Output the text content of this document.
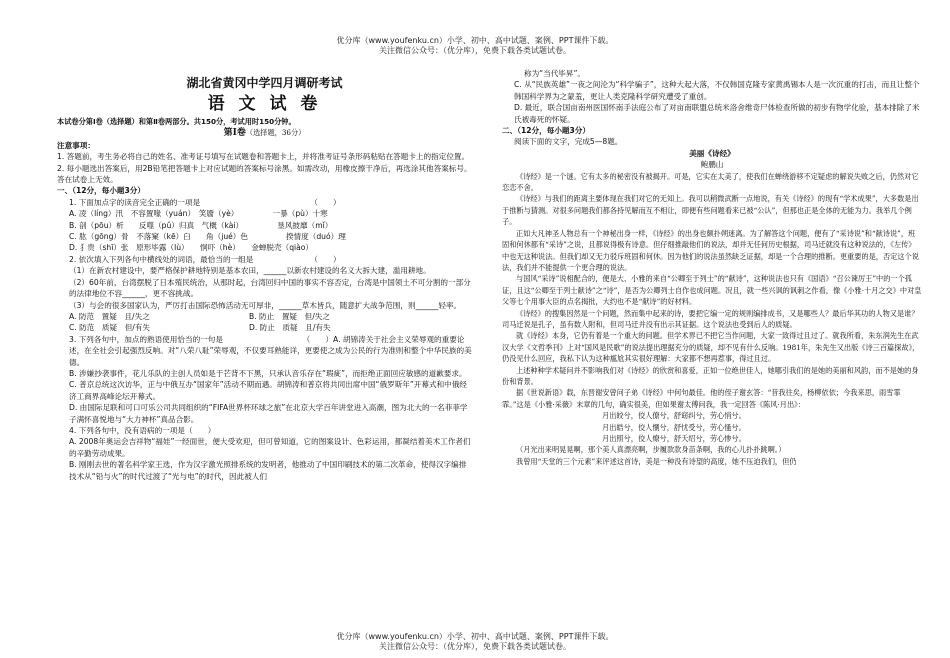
优分库（www.youfenku.cn）小学、初中、高中试题、案例、PPT课件下载。
关注微信公众号：（优分库），免费下载各类试题试卷。
湖北省黄冈中学四月调研考试
语 文 试 卷

本试卷分第Ⅰ卷（选择题）和第Ⅱ卷两部分。共150分，考试用时150分钟。

第Ⅰ卷（选择题，36分）

注意事项：

1. 答题前，考生务必将自己的姓名、准考证号填写在试题卷和答题卡上，并将准考证号条形码粘贴在答题卡上的指定位置。

2. 每小题选出答案后，用2B铅笔把答题卡上对应试题的答案标号涂黑。如需改动，用橡皮擦干净后，再选涂其他答案标号。答在试卷上无效。

一、（12分，每小题3分）

1. 下面加点字的读音完全正确的一项是　　　　　　　　　　　　　　　（　　）

A. 凌（líng）汛　不容置喙（yuán）　笑靥（yè）　　　　　一暴（pù）十寒

B. 剖（pōu）析　　反噬（pǔ）归真　气概（kài）　　　　　垦风披靡（mǐ）

C. 肱（gōng）骨　不落窠（kē）臼　　角（jué）色　　　　　揆情度（duó）理

D. 犭贵（shī）张　原形毕露（lù）　　恫吓（hè）　　金蝉脱壳（qiào）

2. 依次填入下列各句中横线处的词语，最恰当的一组是　　　　　　　　（　　）

（1）在新农村建设中，要严格保护耕地特别是基本农田，______以新农村建设的名义大拆大建，滥用耕地。

（2）60年前，台湾摆脱了日本殖民统治，从那时起，台湾回归中国的事实不容否定，台湾是中国领土不可分割的一部分的法律地位不容______，更不容挑战。

（3）与会的很多国家认为，严厉打击国际恐怖活动无可厚非，______草木皆兵，随意扩大战争范围，则______轻率。

A. 防范　置疑　且/失之	B. 防止　置疑　但/失之
C. 防范　质疑　但/有失	D. 防止　质疑　且/有失

3. 下列各句中，加点的熟语使用恰当的一句是　　　　　　　　　　　（　　）A. 胡锦涛关于社会主义荣辱观的重要论述，在全社会引起强烈反响。对“八荣八耻”荣辱观，不仅要耳熟能详，更要使之成为公民的行为准则和整个中华民族的美德。

B. 涉嫌抄袭事件，花儿乐队的主创人员如是于芒背不下黑，只承认音乐存在“瑕疵”，而拒绝正面回应敏感的道歉要求。

C. 普京总统这次访华，正与中俄互办“国家年”活动不期而遇。胡锦涛和普京将共同出席中国“俄罗斯年”开幕式和中俄经济工商界高峰论坛开幕式。

D. 由国际足联和可口可乐公司共同组织的“FIFA世界杯环球之旅”在北京大学百年讲堂进入高潮，图为北大的一名菲菲学子满怀喜悦地与“大力神杯”真品合影。

4. 下列各句中，没有语病的一项是（　　）

A. 2008年奥运会吉祥物“福娃”一经面世，便大受欢迎，但可曾知道，它的图案设计、色彩运用，都凝结着美术工作者们的辛勤劳动成果。

B. 刚刚去世的著名科学家王选，作为汉字激光照排系统的发明者，他推动了中国印刷技术的第二次革命，使得汉字编排技术从“铅与火”的时代过渡了“光与电”的时代，因此被人们

称为“当代毕昇”。

C. 从“民族英雄”一夜之间沦为“科学骗子”，这种大起大落，不仅韩国克隆专家黄禹锡本人是一次沉重的打击，而且让整个韩国科学界为之蒙羞，更让人类克隆科学研究遭受了重创。

D. 最近，联合国亩南州医国怀南手法庭公布了对亩南联盟总统米洛舍维奇尸体检查所做的初步有物学化验，基本排除了米氏被毒死的怀疑。

二、（12分，每小题3分）

阅读下面的文字，完成5—8题。

美丽《诗经》
鲍鹏山

《诗经》是一个谜。它有太多的秘密没有被揭开。可是，它实在太美了，使我们在蝉绕游移不定疑虑的解说失败之后，仍然对它恋恋不舍。

《诗经》与我们的距离主要体现在我们对它的无知上。我可以稍微武断一点地说，有关《诗经》的现有“学术成果”，大多数是出于推断与猜测。对很多问题我们都各持见解而互不相让，即便有些问题看来已被“公认”，但那也正是全体的无能为力。我举几个例子。

正如大凡神圣人物总有一个神秘出身一样，《诗经》的出身也颇扑朔迷离。为了解答这个问题，便有了“采诗说”和“献诗说”，班固和何休都有“采诗”之说，且都说得极有诗意。但仔细推敲他们的说法，却并无任何历史根据，司马迁就没有这种说法的，《左传》中也无这种说法。但我们却又无力驳斥班固和何休。因为他们的说法虽然缺乏证据，却是一个合理的推断。更重要的是，否定这个说法，我们并不能提供一个更合理的说法。

与国风“采诗”说相配合的，便是大、小雅的来自“公卿至于列士”的“献诗”，这种说法也只有《国语》“召公谏厉王”中的一个孤证，且这“公卿至于列士献诗”之“诗”，是否为公卿列士自作也成问题。况且，就一些兴讽的讽刺之作看，像《小雅·十月之交》中对皇父等七个用事大臣的点名揭批，大约也不是“献诗”的好材料。

《诗经》的搜集因然是一个问题，然而集中起来的诗，要把它编一定的规则编排成书，又是哪些人？最后华其功的人物又是谁？司马迁说是孔子，虽有数人附和，但司马迁并没有出示其证据。这个说法也受到后人的质疑。

就《诗经》本身，它仍有着是一个重大的问题。但学术界已不把它当作问题，大家一致得过且过了。就我所看，朱东润先生在武汉大学《文哲季刊》上对“国风是民歌”的说法提出理据充分的质疑，却不见有什么反响。1981年，朱先生又出版《诗三百篇探故》，仍没见什么回应，我私下认为这种尴尬其实很好理解：大家都不想再惹事，得过且过。

上述种种学术疑问并不影响我们对《诗经》的欣赏和喜爱，正如一位绝世佳人，她哪引我们的是她的美丽和风韵，而不是她的身份和背景。

据《世说新语》载，东晋谢安曾问子弟《诗经》中何句最佳。他的侄子谢玄答：“昔我往矣，杨柳依依；今我来思，雨雪霏霏。”这是《小雅·采薇》末章的几句，确实很美，但如果谢太傅问我，我一定回答《陈风·月出》：

月出皎兮，佼人僚兮，舒窈纠兮，劳心悄兮。

月出皓兮，佼人懰兮，舒忧受兮，劳心慅兮。

月出照兮，佼人燎兮，舒夭绍兮，劳心惨兮。

（月光出来明晃晃啊，那个美人真漂亮啊，步履款款身苗条啊，我的心儿扑扑跳啊。）

我曾用“天堂的三个元素”来评述这首诗，美是一种没有诗望的高度，她不压迫我们，但仍

优分库（www.youfenku.cn）小学、初中、高中试题、案例、PPT课件下载。
关注微信公众号：（优分库），免费下载各类试题试卷。
